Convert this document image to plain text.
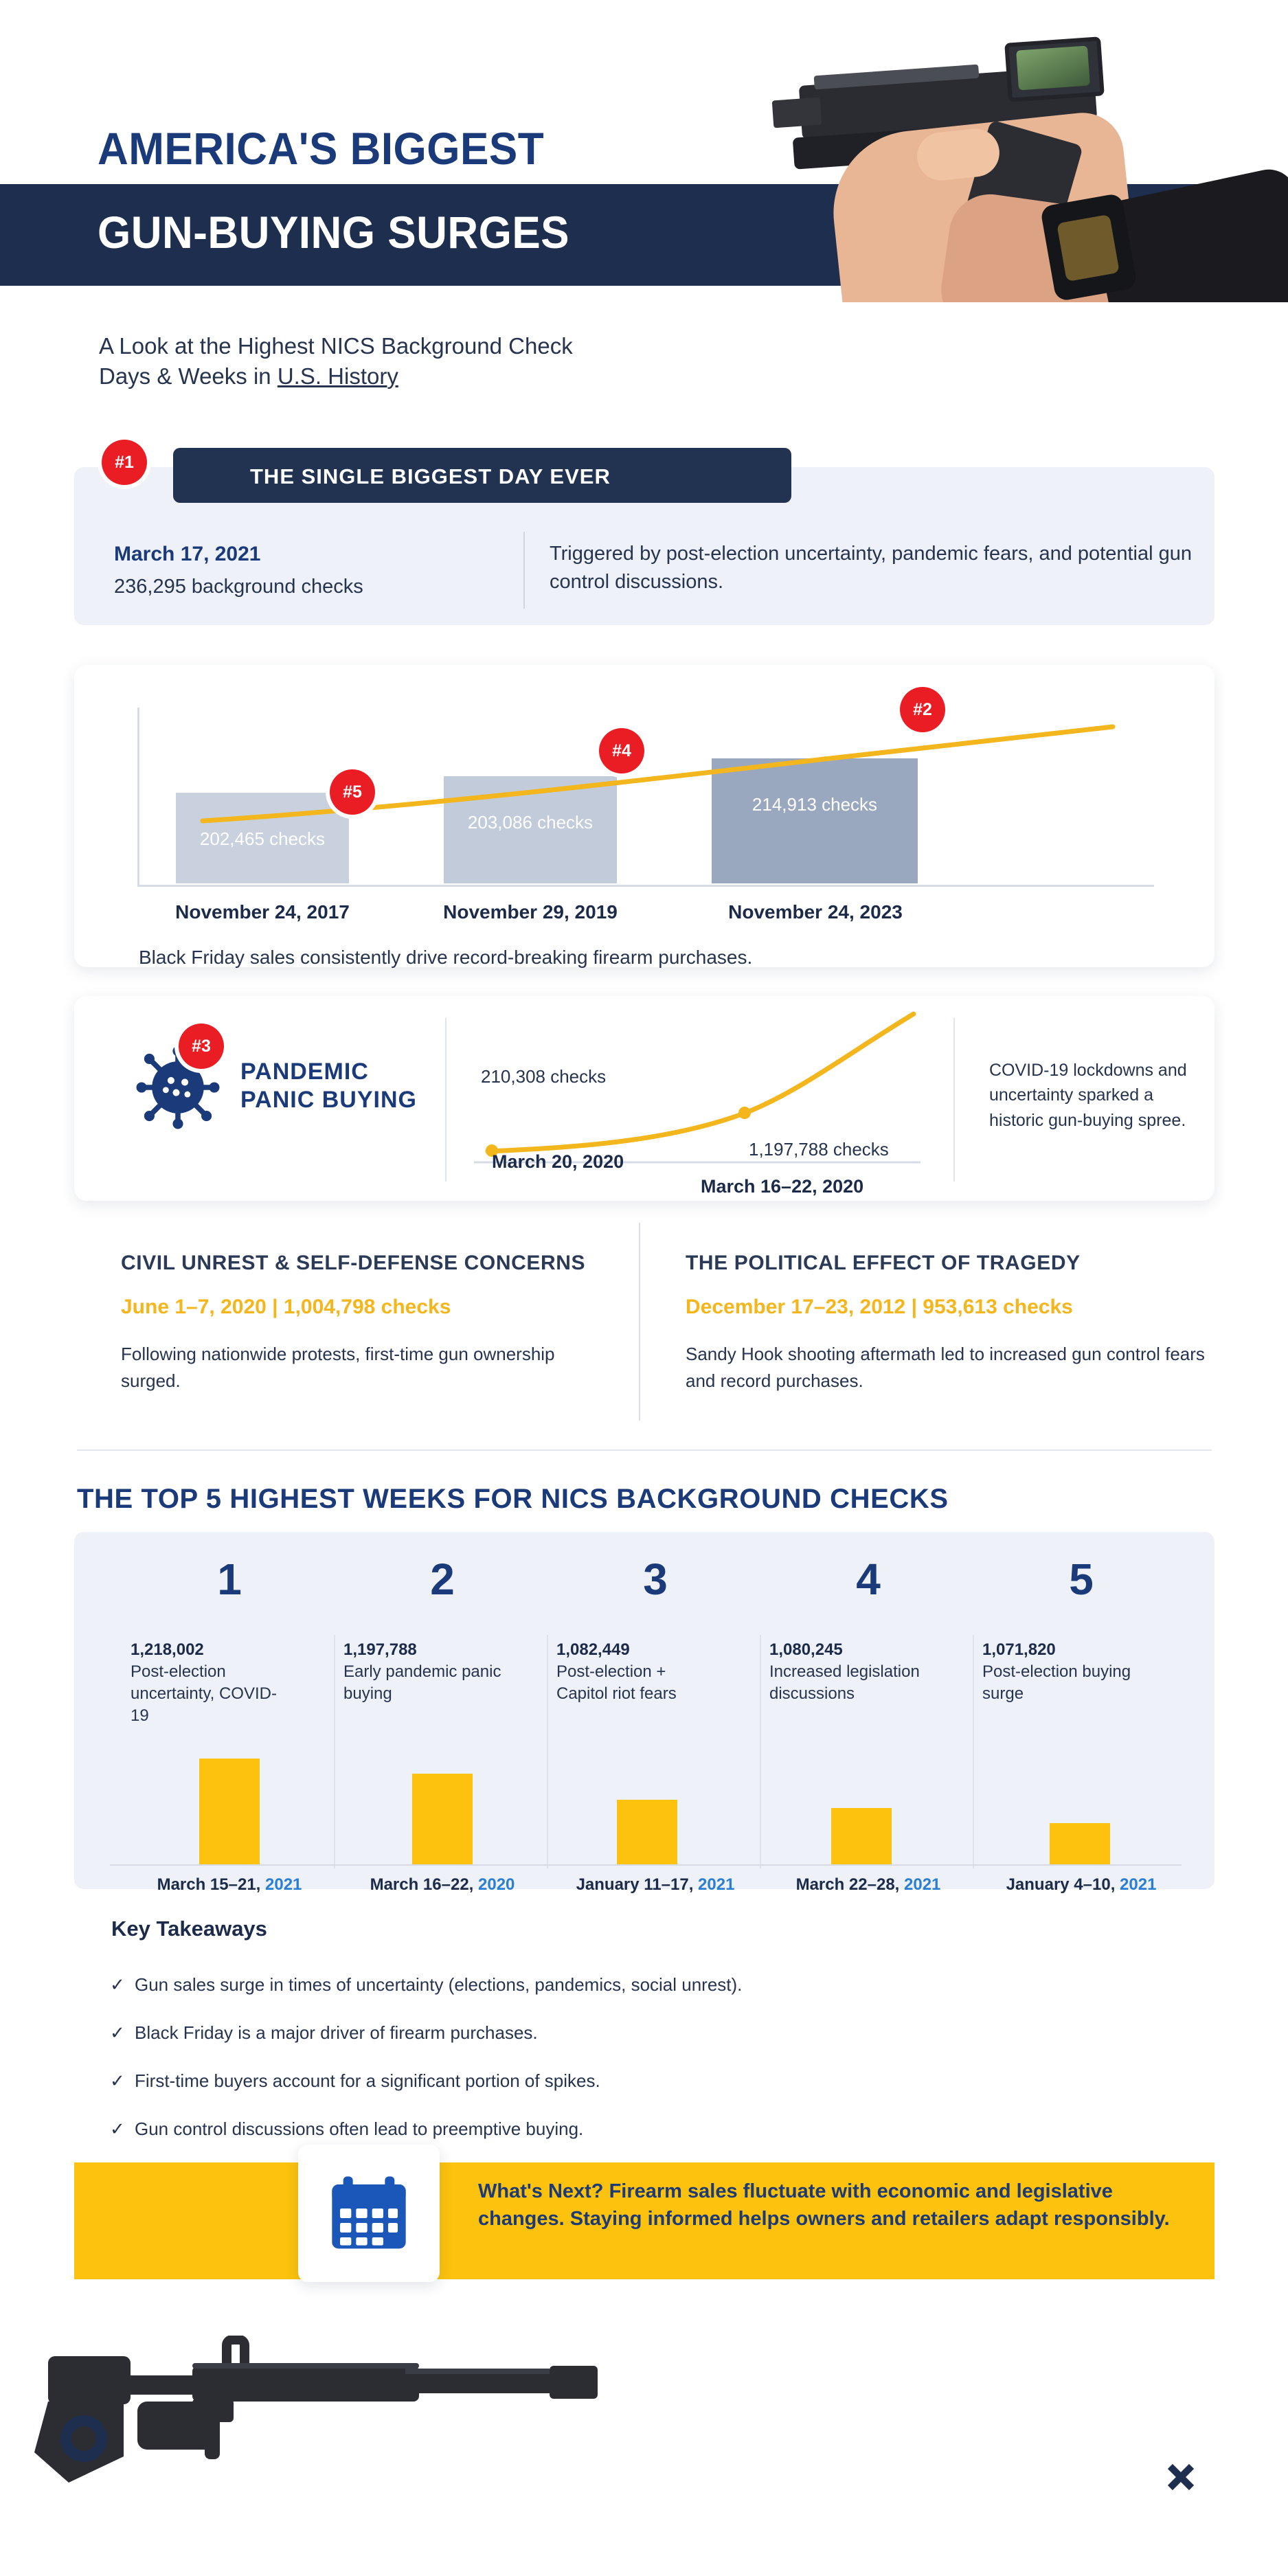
AMERICA'S BIGGEST
GUN-BUYING SURGES
A Look at the Highest NICS Background Check
Days & Weeks in U.S. History
THE SINGLE BIGGEST DAY EVER
#1
March 17, 2021
236,295 background checks
Triggered by post-election uncertainty, pandemic fears, and potential gun control discussions.
202,465 checks
203,086 checks
214,913 checks
#5
#4
#2
November 24, 2017	November 29, 2019	November 24, 2023
Black Friday sales consistently drive record-breaking firearm purchases.
#3
PANDEMIC
PANIC BUYING
210,308 checks
1,197,788 checks
March 20, 2020
March 16–22, 2020
COVID-19 lockdowns and uncertainty sparked a historic gun-buying spree.
CIVIL UNREST & SELF-DEFENSE CONCERNS
June 1–7, 2020 | 1,004,798 checks
Following nationwide protests, first-time gun ownership surged.
THE POLITICAL EFFECT OF TRAGEDY
December 17–23, 2012 | 953,613 checks
Sandy Hook shooting aftermath led to increased gun control fears and record purchases.
THE TOP 5 HIGHEST WEEKS FOR NICS BACKGROUND CHECKS
1
1,218,002
Post-election uncertainty, COVID-19
March 15–21, 2021
2
1,197,788
Early pandemic panic buying
March 16–22, 2020
3
1,082,449
Post-election + Capitol riot fears
January 11–17, 2021
4
1,080,245
Increased legislation discussions
March 22–28, 2021
5
1,071,820
Post-election buying surge
January 4–10, 2021
Key Takeaways
✓ Gun sales surge in times of uncertainty (elections, pandemics, social unrest).
✓ Black Friday is a major driver of firearm purchases.
✓ First-time buyers account for a significant portion of spikes.
✓ Gun control discussions often lead to preemptive buying.
What's Next? Firearm sales fluctuate with economic and legislative changes. Staying informed helps owners and retailers adapt responsibly.
GUNPRIME
